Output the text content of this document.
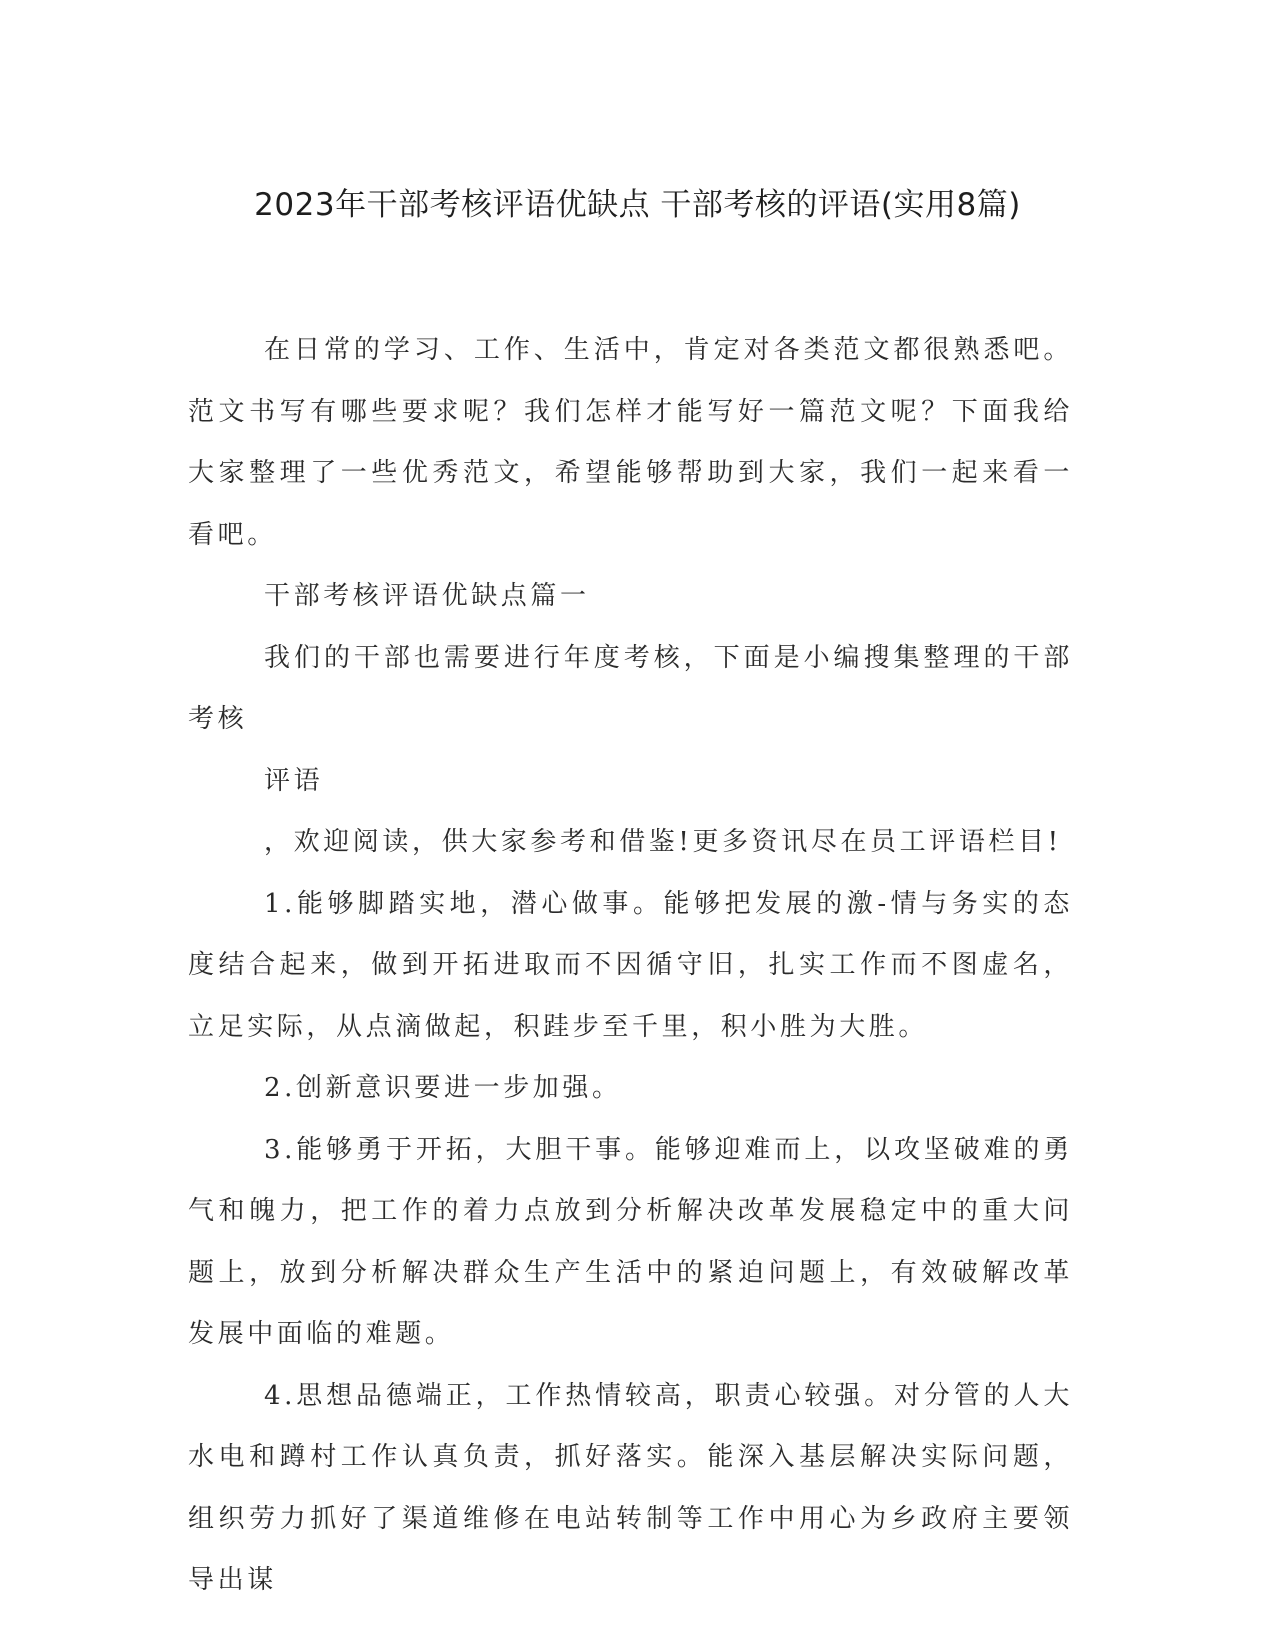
2023年干部考核评语优缺点 干部考核的评语(实用8篇)

在日常的学习、工作、生活中，肯定对各类范文都很熟悉吧。范文书写有哪些要求呢？我们怎样才能写好一篇范文呢？下面我给大家整理了一些优秀范文，希望能够帮助到大家，我们一起来看一看吧。

干部考核评语优缺点篇一

我们的干部也需要进行年度考核，下面是小编搜集整理的干部考核

评语

，欢迎阅读，供大家参考和借鉴!更多资讯尽在员工评语栏目!

1.能够脚踏实地，潜心做事。能够把发展的激-情与务实的态度结合起来，做到开拓进取而不因循守旧，扎实工作而不图虚名，立足实际，从点滴做起，积跬步至千里，积小胜为大胜。

2.创新意识要进一步加强。

3.能够勇于开拓，大胆干事。能够迎难而上，以攻坚破难的勇气和魄力，把工作的着力点放到分析解决改革发展稳定中的重大问题上，放到分析解决群众生产生活中的紧迫问题上，有效破解改革发展中面临的难题。

4.思想品德端正，工作热情较高，职责心较强。对分管的人大水电和蹲村工作认真负责，抓好落实。能深入基层解决实际问题，组织劳力抓好了渠道维修在电站转制等工作中用心为乡政府主要领导出谋
